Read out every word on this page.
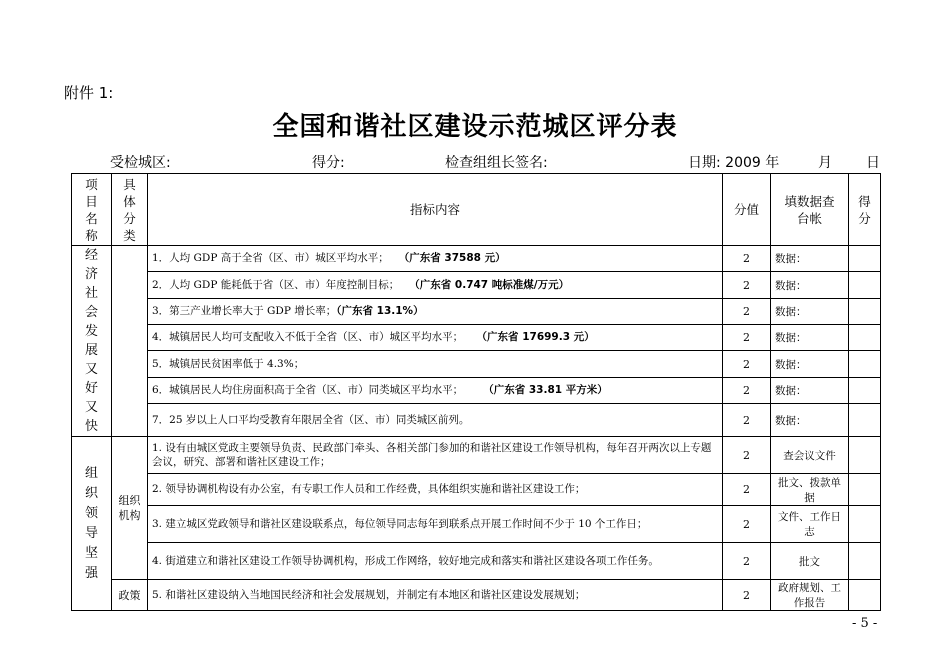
附件 1:
全国和谐社区建设示范城区评分表
受检城区:	得分:	检查组组长签名:	日期: 2009 年	月 日
项目名称	具体分类	指标内容	分值	填数据查台帐	得分
经济社会发展又好又快		1．人均 GDP 高于全省（区、市）城区平均水平； （广东省 37588 元）	2	数据：	
		2．人均 GDP 能耗低于省（区、市）年度控制目标； （广东省 0.747 吨标准煤/万元）	2	数据：	
		3．第三产业增长率大于 GDP 增长率；（广东省 13.1%）	2	数据：	
		4．城镇居民人均可支配收入不低于全省（区、市）城区平均水平； （广东省 17699.3 元）	2	数据：	
		5．城镇居民贫困率低于 4.3%；	2	数据：	
		6．城镇居民人均住房面积高于全省（区、市）同类城区平均水平； （广东省 33.81 平方米）	2	数据：	
		7．25 岁以上人口平均受教育年限居全省（区、市）同类城区前列。	2	数据：	
组织领导坚强	组织机构	1. 设有由城区党政主要领导负责、民政部门牵头、各相关部门参加的和谐社区建设工作领导机构，每年召开两次以上专题会议，研究、部署和谐社区建设工作；	2	查会议文件	
		2. 领导协调机构设有办公室，有专职工作人员和工作经费，具体组织实施和谐社区建设工作；	2	批文、拨款单据	
		3. 建立城区党政领导和谐社区建设联系点，每位领导同志每年到联系点开展工作时间不少于 10 个工作日；	2	文件、工作日志	
		4. 街道建立和谐社区建设工作领导协调机构，形成工作网络，较好地完成和落实和谐社区建设各项工作任务。	2	批文	
	政策	5. 和谐社区建设纳入当地国民经济和社会发展规划，并制定有本地区和谐社区建设发展规划；	2	政府规划、工作报告	
- 5 -
